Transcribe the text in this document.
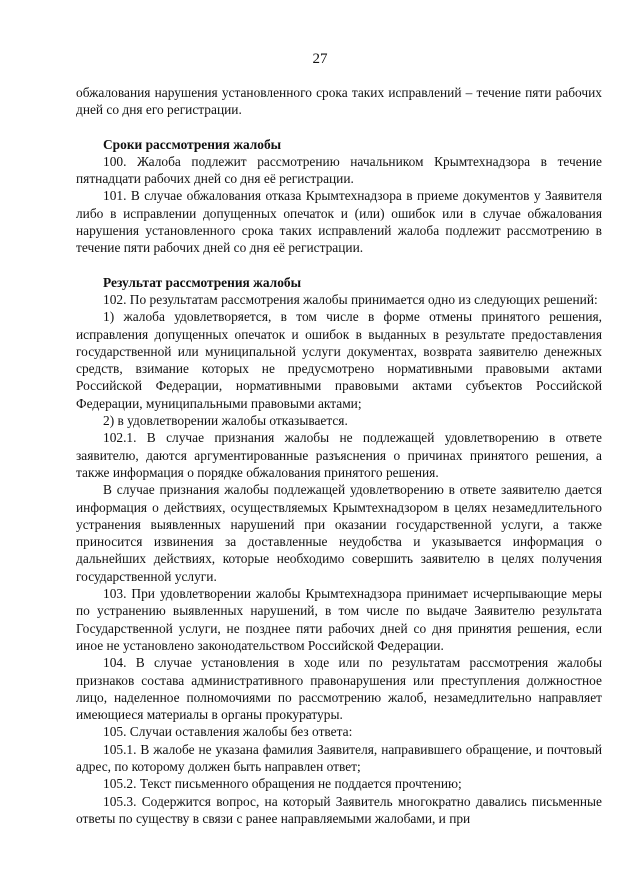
27

обжалования нарушения установленного срока таких исправлений – течение пяти рабочих дней со дня его регистрации.

Сроки рассмотрения жалобы

100. Жалоба подлежит рассмотрению начальником Крымтехнадзора в течение пятнадцати рабочих дней со дня её регистрации.

101. В случае обжалования отказа Крымтехнадзора в приеме документов у Заявителя либо в исправлении допущенных опечаток и (или) ошибок или в случае обжалования нарушения установленного срока таких исправлений жалоба подлежит рассмотрению в течение пяти рабочих дней со дня её регистрации.

Результат рассмотрения жалобы

102. По результатам рассмотрения жалобы принимается одно из следующих решений:

1) жалоба удовлетворяется, в том числе в форме отмены принятого решения, исправления допущенных опечаток и ошибок в выданных в результате предоставления государственной или муниципальной услуги документах, возврата заявителю денежных средств, взимание которых не предусмотрено нормативными правовыми актами Российской Федерации, нормативными правовыми актами субъектов Российской Федерации, муниципальными правовыми актами;

2) в удовлетворении жалобы отказывается.

102.1. В случае признания жалобы не подлежащей удовлетворению в ответе заявителю, даются аргументированные разъяснения о причинах принятого решения, а также информация о порядке обжалования принятого решения.

В случае признания жалобы подлежащей удовлетворению в ответе заявителю дается информация о действиях, осуществляемых Крымтехнадзором в целях незамедлительного устранения выявленных нарушений при оказании государственной услуги, а также приносится извинения за доставленные неудобства и указывается информация о дальнейших действиях, которые необходимо совершить заявителю в целях получения государственной услуги.

103. При удовлетворении жалобы Крымтехнадзора принимает исчерпывающие меры по устранению выявленных нарушений, в том числе по выдаче Заявителю результата Государственной услуги, не позднее пяти рабочих дней со дня принятия решения, если иное не установлено законодательством Российской Федерации.

104. В случае установления в ходе или по результатам рассмотрения жалобы признаков состава административного правонарушения или преступления должностное лицо, наделенное полномочиями по рассмотрению жалоб, незамедлительно направляет имеющиеся материалы в органы прокуратуры.

105. Случаи оставления жалобы без ответа:

105.1. В жалобе не указана фамилия Заявителя, направившего обращение, и почтовый адрес, по которому должен быть направлен ответ;

105.2. Текст письменного обращения не поддается прочтению;

105.3. Содержится вопрос, на который Заявитель многократно давались письменные ответы по существу в связи с ранее направляемыми жалобами, и при
